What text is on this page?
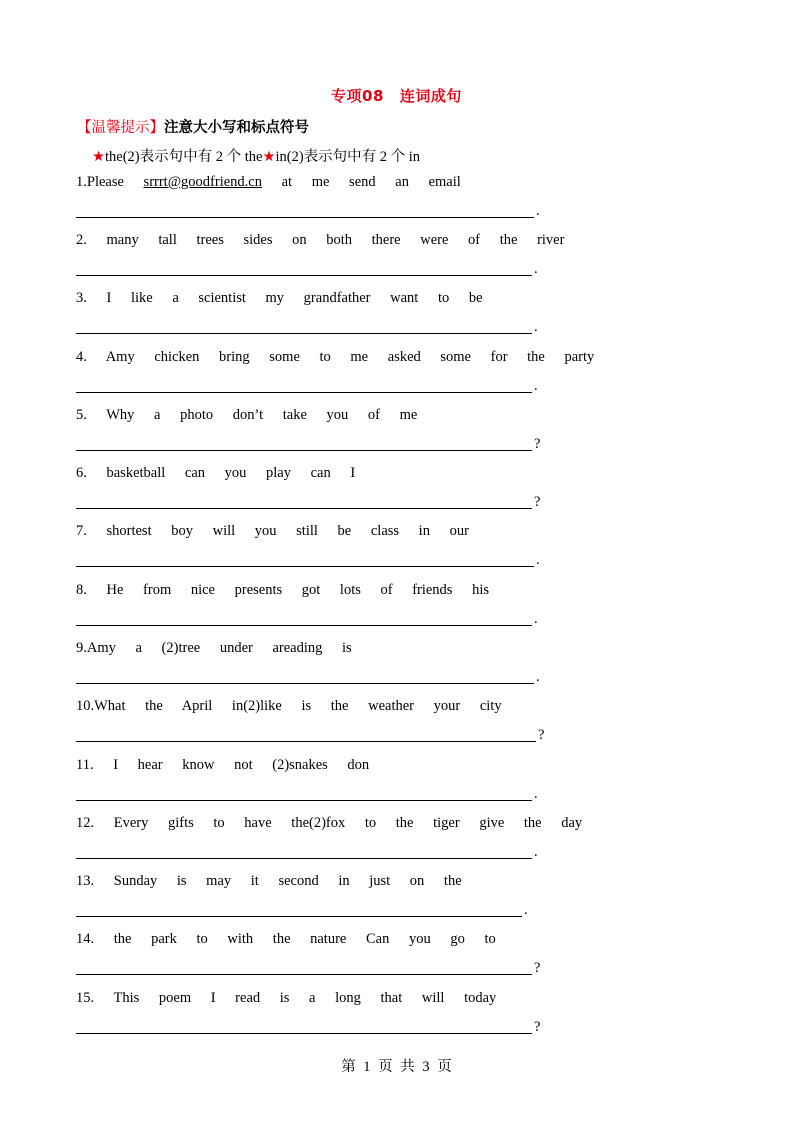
专项08 连词成句
【温馨提示】注意大小写和标点符号
★the(2)表示句中有 2 个 the★in(2)表示句中有 2 个 in
1.Please srrrt@goodfriend.cn at me send an email
.
2. many tall trees sides on both there were of the river
.
3. I like a scientist my grandfather want to be
.
4. Amy chicken bring some to me asked some for the party
.
5. Why a photo don’t take you of me
?
6. basketball can you play can I
?
7. shortest boy will you still be class in our
.
8. He from nice presents got lots of friends his
.
9.Amy a (2)tree under areading is
.
10.What the April in(2)like is the weather your city
?
11. I hear know not (2)snakes don
.
12. Every gifts to have the(2)fox to the tiger give the day
.
13. Sunday is may it second in just on the
.
14. the park to with the nature Can you go to
?
15. This poem I read is a long that will today
?
第 1 页 共 3 页
